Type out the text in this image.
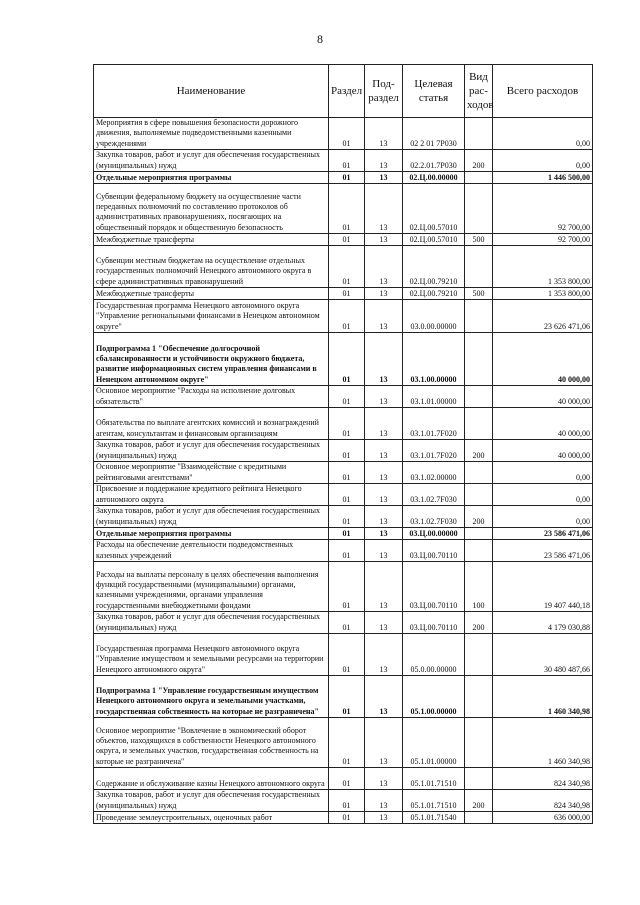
8
Наименование	Раздел	Под-раздел	Целевая статья	Вид рас-ходов	Всего расходов
Мероприятия в сфере повышения безопасности дорожного движения, выполняемые подведомственными казенными учреждениями	01	13	02 2 01 7Р030		0,00
Закупка товаров, работ и услуг для обеспечения государственных (муниципальных) нужд	01	13	02.2.01.7Р030	200	0,00
Отдельные мероприятия программы	01	13	02.Ц.00.00000		1 446 500,00
Субвенции федеральному бюджету на осуществление части переданных полномочий по составлению протоколов об административных правонарушениях, посягающих на общественный порядок и общественную безопасность	01	13	02.Ц.00.57010		92 700,00
Межбюджетные трансферты	01	13	02.Ц.00.57010	500	92 700,00
Субвенции местным бюджетам на осуществление отдельных государственных полномочий Ненецкого автономного округа в сфере административных правонарушений	01	13	02.Ц.00.79210		1 353 800,00
Межбюджетные трансферты	01	13	02.Ц.00.79210	500	1 353 800,00
Государственная программа Ненецкого автономного округа "Управление региональными финансами в Ненецком автономном округе"	01	13	03.0.00.00000		23 626 471,06
Подпрограмма 1 "Обеспечение долгосрочной сбалансированности и устойчивости окружного бюджета, развитие информационных систем управления финансами в Ненецком автономном округе"	01	13	03.1.00.00000		40 000,00
Основное мероприятие "Расходы на исполнение долговых обязательств"	01	13	03.1.01.00000		40 000,00
Обязательства по выплате агентских комиссий и вознаграждений агентам, консультантам и финансовым организациям	01	13	03.1.01.7F020		40 000,00
Закупка товаров, работ и услуг для обеспечения государственных (муниципальных) нужд	01	13	03.1.01.7F020	200	40 000,00
Основное мероприятие "Взаимодействие с кредитными рейтинговыми агентствами"	01	13	03.1.02.00000		0,00
Присвоение и поддержание кредитного рейтинга Ненецкого автономного округа	01	13	03.1.02.7F030		0,00
Закупка товаров, работ и услуг для обеспечения государственных (муниципальных) нужд	01	13	03.1.02.7F030	200	0,00
Отдельные мероприятия программы	01	13	03.Ц.00.00000		23 586 471,06
Расходы на обеспечение деятельности подведомственных казенных учреждений	01	13	03.Ц.00.70110		23 586 471,06
Расходы на выплаты персоналу в целях обеспечения выполнения функций государственными (муниципальными) органами, казенными учреждениями, органами управления государственными внебюджетными фондами	01	13	03.Ц.00.70110	100	19 407 440,18
Закупка товаров, работ и услуг для обеспечения государственных (муниципальных) нужд	01	13	03.Ц.00.70110	200	4 179 030,88
Государственная программа Ненецкого автономного округа "Управление имуществом и земельными ресурсами на территории Ненецкого автономного округа"	01	13	05.0.00.00000		30 480 487,66
Подпрограмма 1 "Управление государственным имуществом Ненецкого автономного округа и земельными участками, государственная собственность на которые не разграничена"	01	13	05.1.00.00000		1 460 340,98
Основное мероприятие "Вовлечение в экономический оборот объектов, находящихся в собственности Ненецкого автономного округа, и земельных участков, государственная собственность на которые не разграничена"	01	13	05.1.01.00000		1 460 340,98
Содержание и обслуживание казны Ненецкого автономного округа	01	13	05.1.01.71510		824 340,98
Закупка товаров, работ и услуг для обеспечения государственных (муниципальных) нужд	01	13	05.1.01.71510	200	824 340,98
Проведение землеустроительных, оценочных работ	01	13	05.1.01.71540		636 000,00
